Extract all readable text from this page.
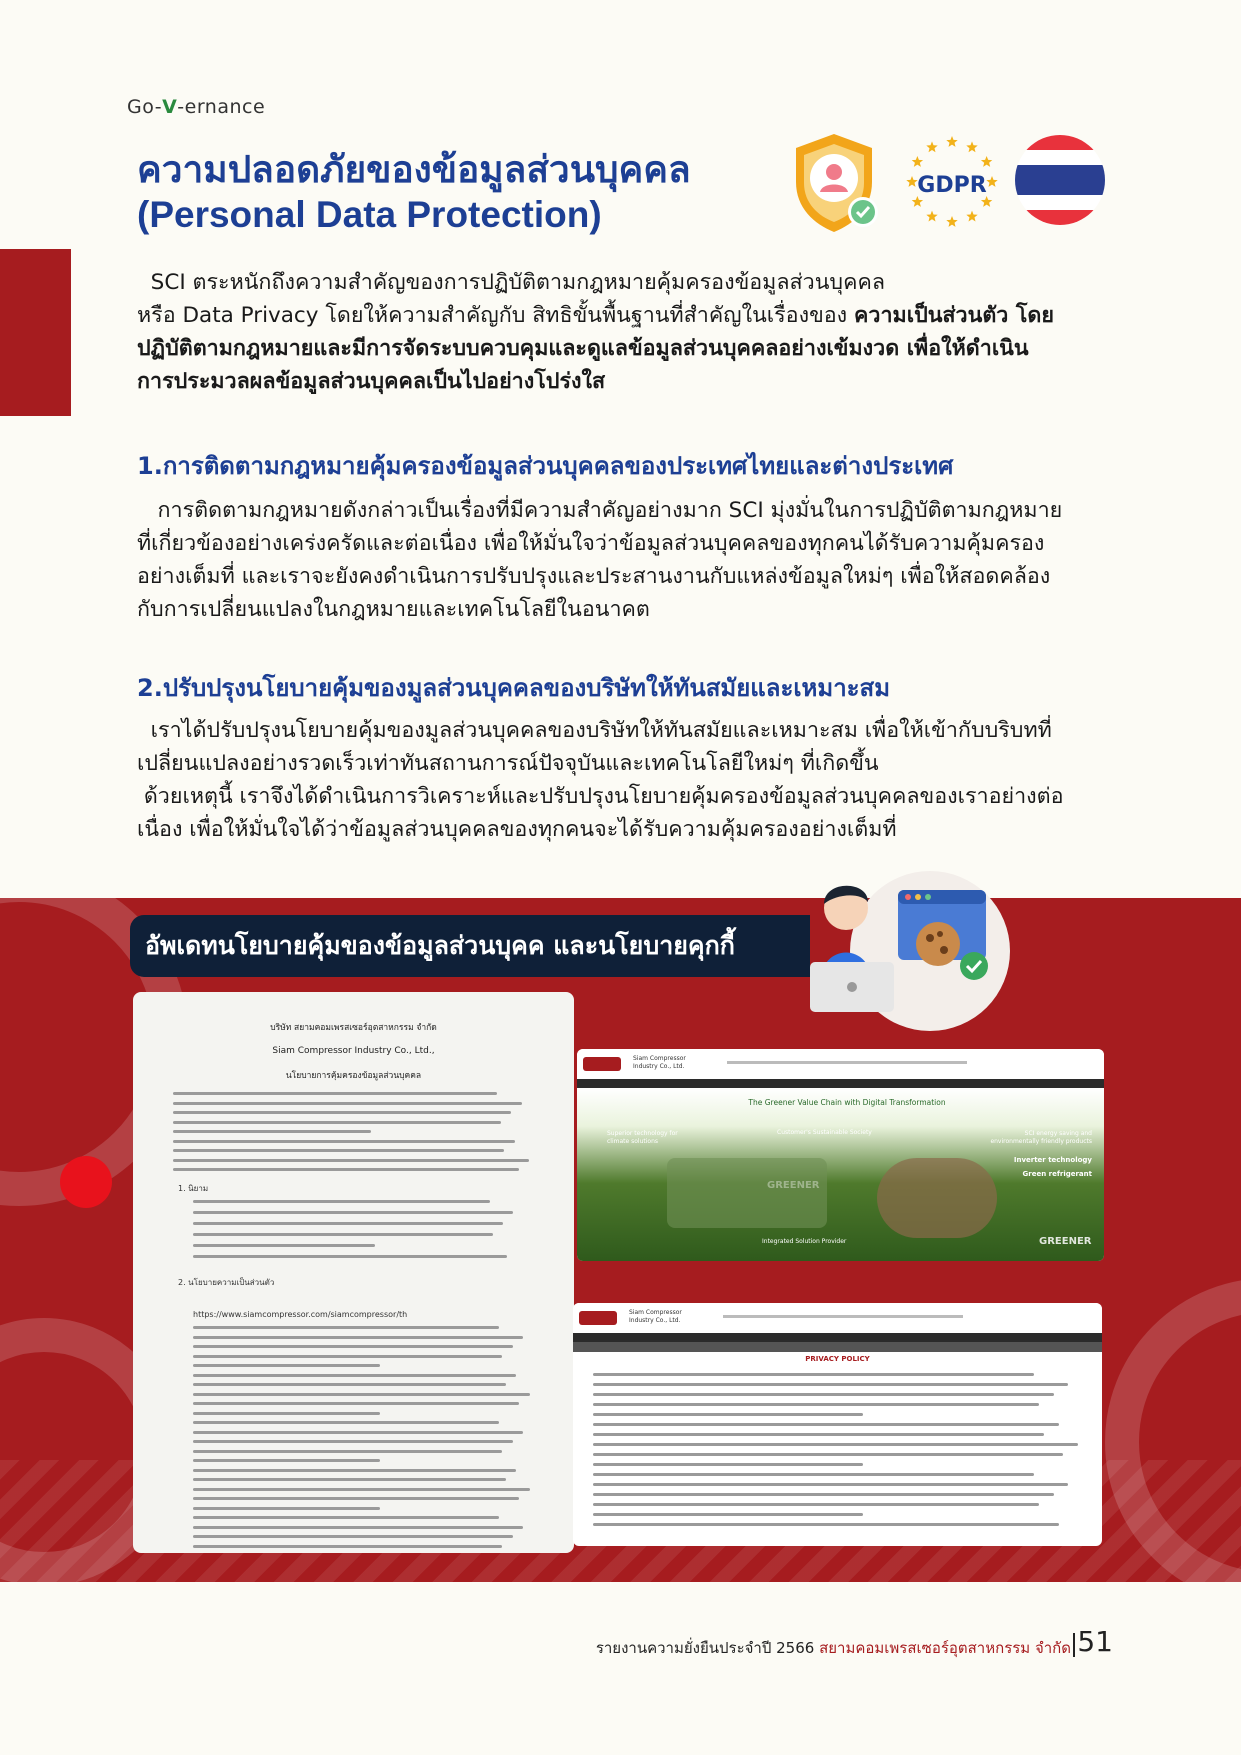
Go-V-ernance
ความปลอดภัยของข้อมูลส่วนบุคคล
(Personal Data Protection)
GDPR

SCI ตระหนักถึงความสำคัญของการปฏิบัติตามกฎหมายคุ้มครองข้อมูลส่วนบุคคล
หรือ Data Privacy โดยให้ความสำคัญกับ สิทธิขั้นพื้นฐานที่สำคัญในเรื่องของ ความเป็นส่วนตัว โดย
ปฏิบัติตามกฎหมายและมีการจัดระบบควบคุมและดูแลข้อมูลส่วนบุคคลอย่างเข้มงวด เพื่อให้ดำเนิน
การประมวลผลข้อมูลส่วนบุคคลเป็นไปอย่างโปร่งใส

1.การติดตามกฎหมายคุ้มครองข้อมูลส่วนบุคคลของประเทศไทยและต่างประเทศ

การติดตามกฎหมายดังกล่าวเป็นเรื่องที่มีความสำคัญอย่างมาก SCI มุ่งมั่นในการปฏิบัติตามกฎหมาย
ที่เกี่ยวข้องอย่างเคร่งครัดและต่อเนื่อง เพื่อให้มั่นใจว่าข้อมูลส่วนบุคคลของทุกคนได้รับความคุ้มครอง
อย่างเต็มที่ และเราจะยังคงดำเนินการปรับปรุงและประสานงานกับแหล่งข้อมูลใหม่ๆ เพื่อให้สอดคล้อง
กับการเปลี่ยนแปลงในกฎหมายและเทคโนโลยีในอนาคต

2.ปรับปรุงนโยบายคุ้มของมูลส่วนบุคคลของบริษัทให้ทันสมัยและเหมาะสม

เราได้ปรับปรุงนโยบายคุ้มของมูลส่วนบุคคลของบริษัทให้ทันสมัยและเหมาะสม เพื่อให้เข้ากับบริบทที่
เปลี่ยนแปลงอย่างรวดเร็วเท่าทันสถานการณ์ปัจจุบันและเทคโนโลยีใหม่ๆ ที่เกิดขึ้น
ด้วยเหตุนี้ เราจึงได้ดำเนินการวิเคราะห์และปรับปรุงนโยบายคุ้มครองข้อมูลส่วนบุคคลของเราอย่างต่อ
เนื่อง เพื่อให้มั่นใจได้ว่าข้อมูลส่วนบุคคลของทุกคนจะได้รับความคุ้มครองอย่างเต็มที่

อัพเดทนโยบายคุ้มของข้อมูลส่วนบุคค และนโยบายคุกกี้
บริษัท สยามคอมเพรสเซอร์อุตสาหกรรม จำกัด
Siam Compressor Industry Co., Ltd.,
นโยบายการคุ้มครองข้อมูลส่วนบุคคล
1. นิยาม
2. นโยบายความเป็นส่วนตัว
https://www.siamcompressor.com/siamcompressor/th
Siam Compressor Industry Co., Ltd.
The Greener Value Chain with Digital Transformation
Superior technology for climate solutions
Customer's Sustainable Society	SCI energy saving and environmentally friendly products
Inverter technology
Green refrigerant
GREENER
Integrated Solution Provider
Siam Compressor Industry Co., Ltd.
PRIVACY POLICY
รายงานความยั่งยืนประจำปี 2566 สยามคอมเพรสเซอร์อุตสาหกรรม จำกัด 51
